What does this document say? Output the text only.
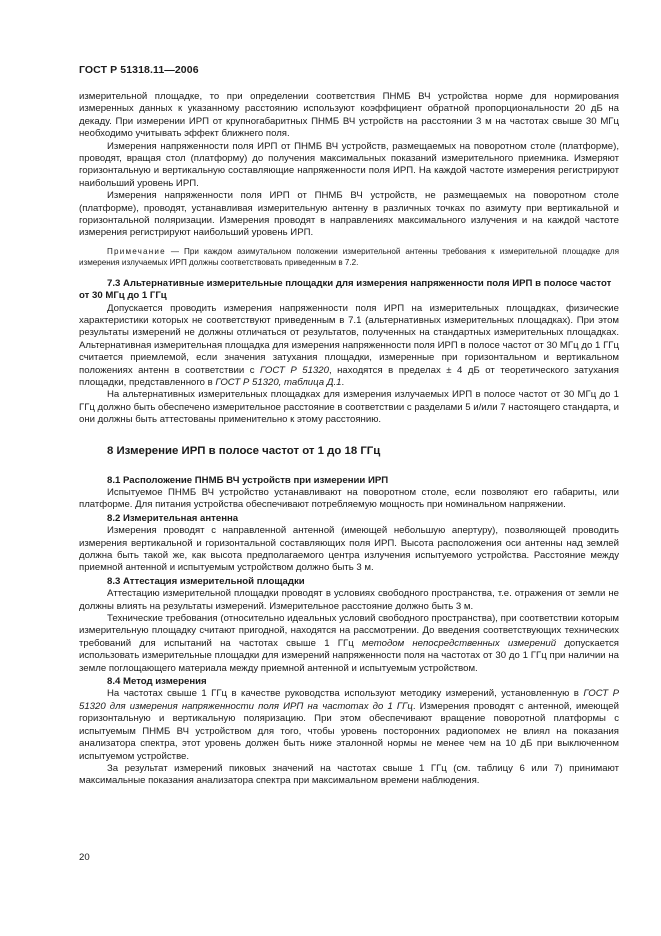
ГОСТ Р 51318.11—2006

измерительной площадке, то при определении соответствия ПНМБ ВЧ устройства норме для нормирования измеренных данных к указанному расстоянию используют коэффициент обратной пропорциональности 20 дБ на декаду. При измерении ИРП от крупногабаритных ПНМБ ВЧ устройств на расстоянии 3 м на частотах свыше 30 МГц необходимо учитывать эффект ближнего поля.

Измерения напряженности поля ИРП от ПНМБ ВЧ устройств, размещаемых на поворотном столе (платформе), проводят, вращая стол (платформу) до получения максимальных показаний измерительного приемника. Измеряют горизонтальную и вертикальную составляющие напряженности поля ИРП. На каждой частоте измерения регистрируют наибольший уровень ИРП.

Измерения напряженности поля ИРП от ПНМБ ВЧ устройств, не размещаемых на поворотном столе (платформе), проводят, устанавливая измерительную антенну в различных точках по азимуту при вертикальной и горизонтальной поляризации. Измерения проводят в направлениях максимального излучения и на каждой частоте измерения регистрируют наибольший уровень ИРП.

Примечание — При каждом азимутальном положении измерительной антенны требования к измерительной площадке для измерения излучаемых ИРП должны соответствовать приведенным в 7.2.

7.3 Альтернативные измерительные площадки для измерения напряженности поля ИРП в полосе частот от 30 МГц до 1 ГГц

Допускается проводить измерения напряженности поля ИРП на измерительных площадках, физические характеристики которых не соответствуют приведенным в 7.1 (альтернативных измерительных площадках). При этом результаты измерений не должны отличаться от результатов, полученных на стандартных измерительных площадках. Альтернативная измерительная площадка для измерения напряженности поля ИРП в полосе частот от 30 МГц до 1 ГГц считается приемлемой, если значения затухания площадки, измеренные при горизонтальном и вертикальном положениях антенн в соответствии с ГОСТ Р 51320, находятся в пределах ± 4 дБ от теоретического затухания площадки, представленного в ГОСТ Р 51320, таблица Д.1.

На альтернативных измерительных площадках для измерения излучаемых ИРП в полосе частот от 30 МГц до 1 ГГц должно быть обеспечено измерительное расстояние в соответствии с разделами 5 и/или 7 настоящего стандарта, и они должны быть аттестованы применительно к этому расстоянию.

8 Измерение ИРП в полосе частот от 1 до 18 ГГц

8.1 Расположение ПНМБ ВЧ устройств при измерении ИРП

Испытуемое ПНМБ ВЧ устройство устанавливают на поворотном столе, если позволяют его габариты, или платформе. Для питания устройства обеспечивают потребляемую мощность при номинальном напряжении.

8.2 Измерительная антенна

Измерения проводят с направленной антенной (имеющей небольшую апертуру), позволяющей проводить измерения вертикальной и горизонтальной составляющих поля ИРП. Высота расположения оси антенны над землей должна быть такой же, как высота предполагаемого центра излучения испытуемого устройства. Расстояние между приемной антенной и испытуемым устройством должно быть 3 м.

8.3 Аттестация измерительной площадки

Аттестацию измерительной площадки проводят в условиях свободного пространства, т.е. отражения от земли не должны влиять на результаты измерений. Измерительное расстояние должно быть 3 м.

Технические требования (относительно идеальных условий свободного пространства), при соответствии которым измерительную площадку считают пригодной, находятся на рассмотрении. До введения соответствующих технических требований для испытаний на частотах свыше 1 ГГц методом непосредственных измерений допускается использовать измерительные площадки для измерений напряженности поля на частотах от 30 до 1 ГГц при наличии на земле поглощающего материала между приемной антенной и испытуемым устройством.

8.4 Метод измерения

На частотах свыше 1 ГГц в качестве руководства используют методику измерений, установленную в ГОСТ Р 51320 для измерения напряженности поля ИРП на частотах до 1 ГГц. Измерения проводят с антенной, имеющей горизонтальную и вертикальную поляризацию. При этом обеспечивают вращение поворотной платформы с испытуемым ПНМБ ВЧ устройством для того, чтобы уровень посторонних радиопомех не влиял на показания анализатора спектра, этот уровень должен быть ниже эталонной нормы не менее чем на 10 дБ при выключенном испытуемом устройстве.

За результат измерений пиковых значений на частотах свыше 1 ГГц (см. таблицу 6 или 7) принимают максимальные показания анализатора спектра при максимальном времени наблюдения.

20
